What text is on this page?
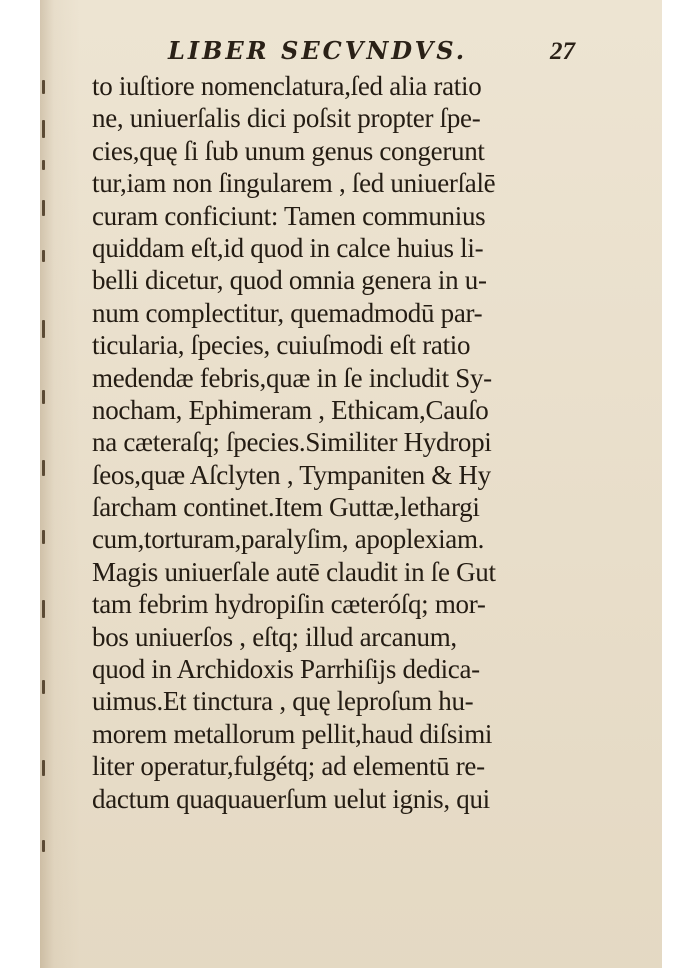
LIBER SECVNDVS.	27
to iuſtiore nomenclatura,ſed alia ratio
ne, uniuerſalis dici poſsit propter ſpe-
cies,quę ſi ſub unum genus congerunt
tur,iam non ſingularem , ſed uniuerſalē
curam conficiunt: Tamen communius
quiddam eſt,id quod in calce huius li-
belli dicetur, quod omnia genera in u-
num complectitur, quemadmodū par-
ticularia, ſpecies, cuiuſmodi eſt ratio
medendæ febris,quæ in ſe includit Sy-
nocham, Ephimeram , Ethicam,Cauſo
na cæteraſq; ſpecies.Similiter Hydropi
ſeos,quæ Aſclyten , Tympaniten & Hy
ſarcham continet.Item Guttæ,lethargi
cum,torturam,paralyſim, apoplexiam.
Magis uniuerſale autē claudit in ſe Gut
tam febrim hydropiſin cæteróſq; mor-
bos uniuerſos , eſtq; illud arcanum,
quod in Archidoxis Parrhiſijs dedica-
uimus.Et tinctura , quę leproſum hu-
morem metallorum pellit,haud diſsimi
liter operatur,fulgétq; ad elementū re-
dactum quaquauerſum uelut ignis, qui
